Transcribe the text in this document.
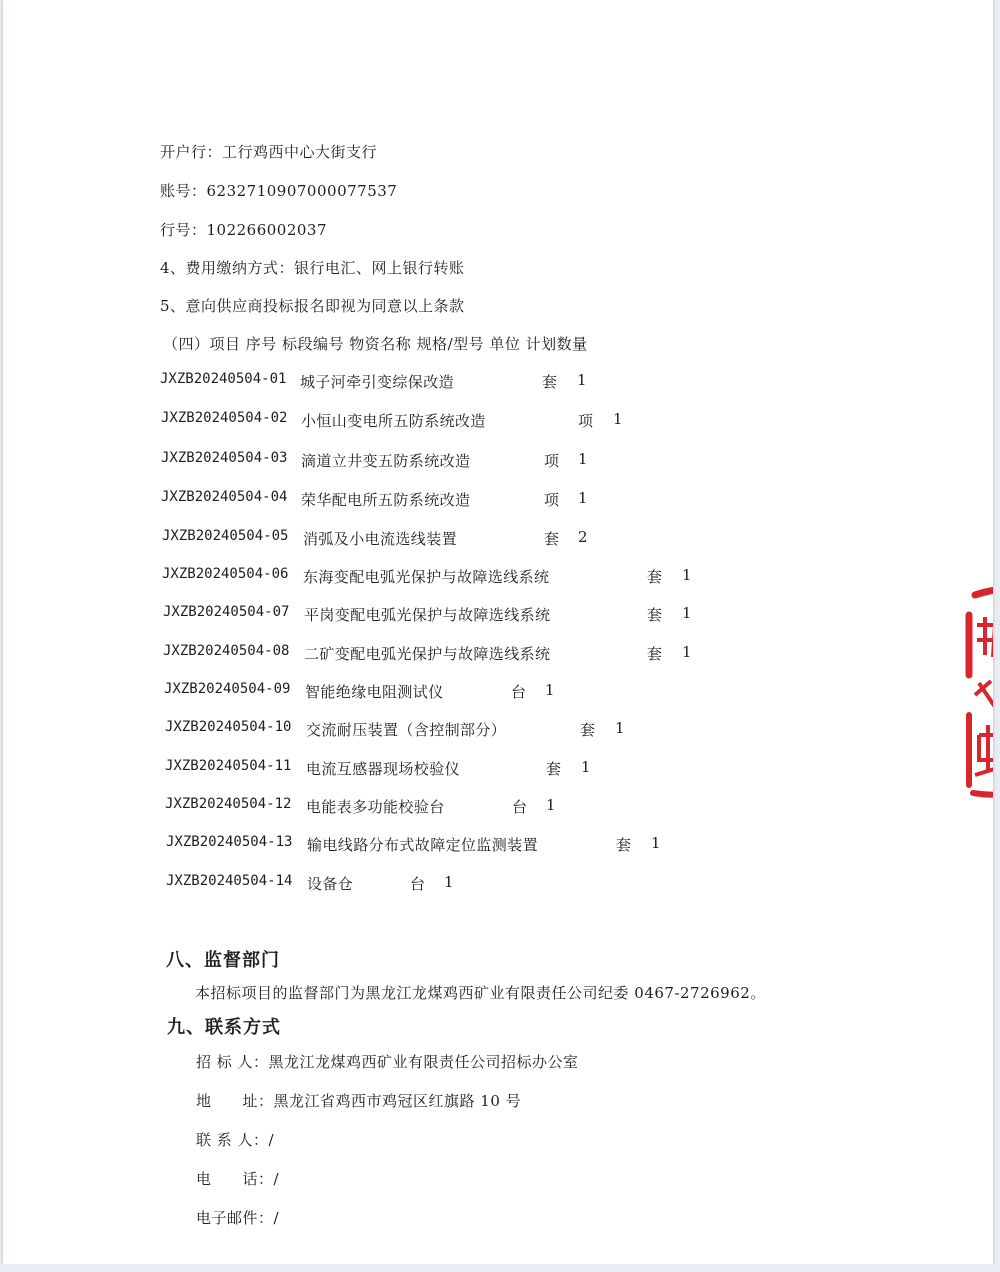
开户行：工行鸡西中心大街支行
账号：6232710907000077537
行号：102266002037
4、费用缴纳方式：银行电汇、网上银行转账
5、意向供应商投标报名即视为同意以上条款
（四）项目 序号 标段编号 物资名称 规格/型号 单位 计划数量
JXZB20240504-01 城子河牵引变综保改造	套 1
JXZB20240504-02 小恒山变电所五防系统改造	项 1
JXZB20240504-03 滴道立井变五防系统改造	项 1
JXZB20240504-04 荣华配电所五防系统改造	项 1
JXZB20240504-05 消弧及小电流选线装置	套 2
JXZB20240504-06 东海变配电弧光保护与故障选线系统	套 1
JXZB20240504-07 平岗变配电弧光保护与故障选线系统	套 1
JXZB20240504-08 二矿变配电弧光保护与故障选线系统	套 1
JXZB20240504-09 智能绝缘电阻测试仪	台 1
JXZB20240504-10 交流耐压装置（含控制部分）	套 1
JXZB20240504-11 电流互感器现场校验仪	套 1
JXZB20240504-12 电能表多功能校验台	台 1
JXZB20240504-13 输电线路分布式故障定位监测装置	套 1
JXZB20240504-14 设备仓	台 1
八、监督部门
本招标项目的监督部门为黑龙江龙煤鸡西矿业有限责任公司纪委 0467-2726962。
九、联系方式
招 标 人：黑龙江龙煤鸡西矿业有限责任公司招标办公室
地　　址：黑龙江省鸡西市鸡冠区红旗路 10 号
联 系 人：/
电　　话：/
电子邮件：/
